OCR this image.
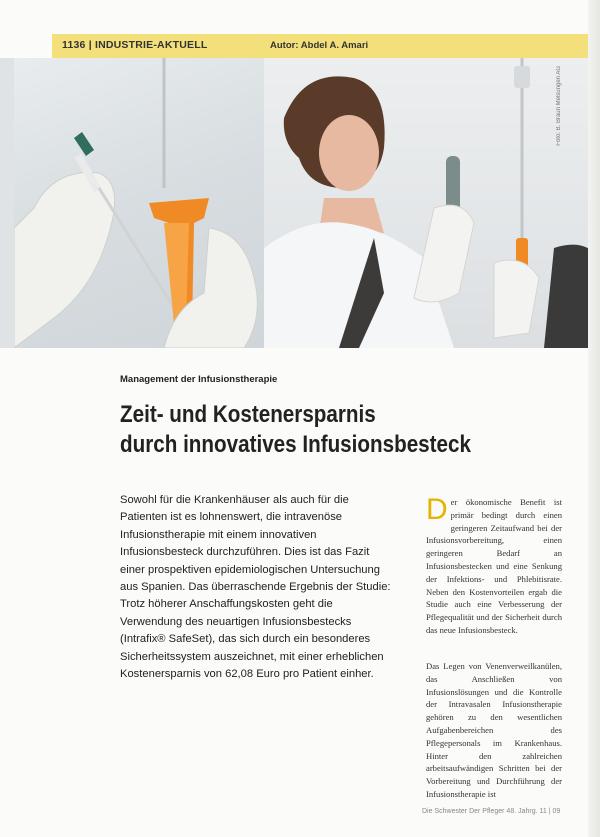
1136 | INDUSTRIE-AKTUELL	Autor: Abdel A. Amari
Foto: B. Braun Melsungen AG
Management der Infusionstherapie
Zeit- und Kostenersparnis
durch innovatives Infusionsbesteck
Sowohl für die Krankenhäuser als auch für die Patienten ist es lohnenswert, die intravenöse Infusionstherapie mit einem innovativen Infusionsbesteck durchzuführen. Dies ist das Fazit einer prospektiven epidemiologischen Untersuchung aus Spanien. Das überraschende Ergebnis der Studie: Trotz höherer Anschaffungskosten geht die Verwendung des neuartigen Infusionsbestecks (Intrafix® SafeSet), das sich durch ein besonderes Sicherheitssystem auszeichnet, mit einer erheblichen Kostenersparnis von 62,08 Euro pro Patient einher.
Der ökonomische Benefit ist primär bedingt durch einen geringeren Zeitaufwand bei der Infusionsvorbereitung, einen geringeren Bedarf an Infusionsbestecken und eine Senkung der Infektions- und Phlebitisrate. Neben den Kostenvorteilen ergab die Studie auch eine Verbesserung der Pflegequalität und der Sicherheit durch das neue Infusionsbesteck.
Das Legen von Venenverweilkanülen, das Anschließen von Infusionslösungen und die Kontrolle der Intravasalen Infusionstherapie gehören zu den wesentlichen Aufgabenbereichen des Pflegepersonals im Krankenhaus. Hinter den zahlreichen arbeitsaufwändigen Schritten bei der Vorbereitung und Durchführung der Infusionstherapie ist
Die Schwester Der Pfleger 48. Jahrg. 11 | 09
